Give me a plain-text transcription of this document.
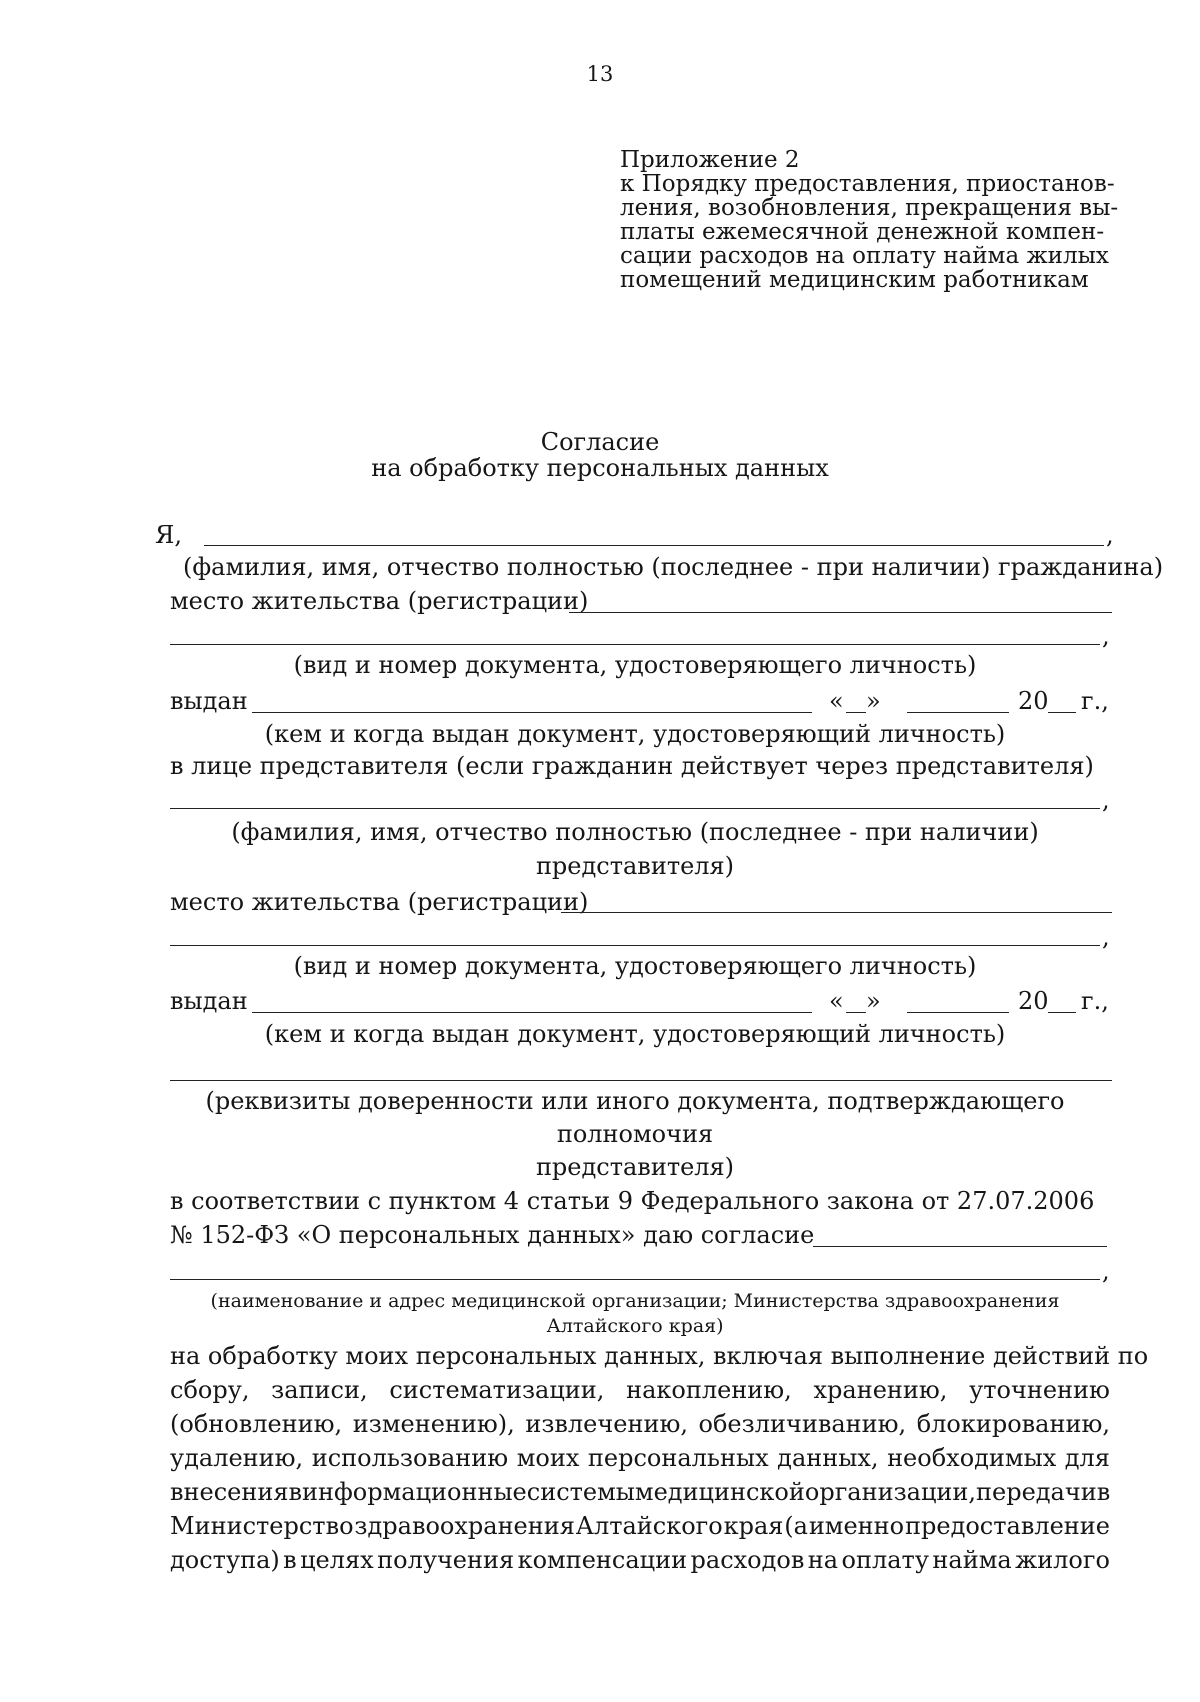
13
Приложение 2
к Порядку предоставления, приостанов-
ления, возобновления, прекращения вы-
платы ежемесячной денежной компен-
сации расходов на оплату найма жилых
помещений медицинским работникам
Согласие
на обработку персональных данных
Я,	,
(фамилия, имя, отчество полностью (последнее - при наличии) гражданина)
место жительства (регистрации)
,
(вид и номер документа, удостоверяющего личность)
выдан	« »	20 г.,
(кем и когда выдан документ, удостоверяющий личность)
в лице представителя (если гражданин действует через представителя)
,
(фамилия, имя, отчество полностью (последнее - при наличии)
представителя)
место жительства (регистрации)
,
(вид и номер документа, удостоверяющего личность)
выдан	« »	20 г.,
(кем и когда выдан документ, удостоверяющий личность)
(реквизиты доверенности или иного документа, подтверждающего
полномочия
представителя)
в соответствии с пунктом 4 статьи 9 Федерального закона от 27.07.2006
№ 152-ФЗ «О персональных данных» даю согласие
,
(наименование и адрес медицинской организации; Министерства здравоохранения
Алтайского края)
на обработку моих персональных данных, включая выполнение действий по
сбору, записи, систематизации, накоплению, хранению, уточнению
(обновлению, изменению), извлечению, обезличиванию, блокированию,
удалению, использованию моих персональных данных, необходимых для
внесения в информационные системы медицинской организации, передачи в
Министерство здравоохранения Алтайского края (а именно предоставление
доступа) в целях получения компенсации расходов на оплату найма жилого
